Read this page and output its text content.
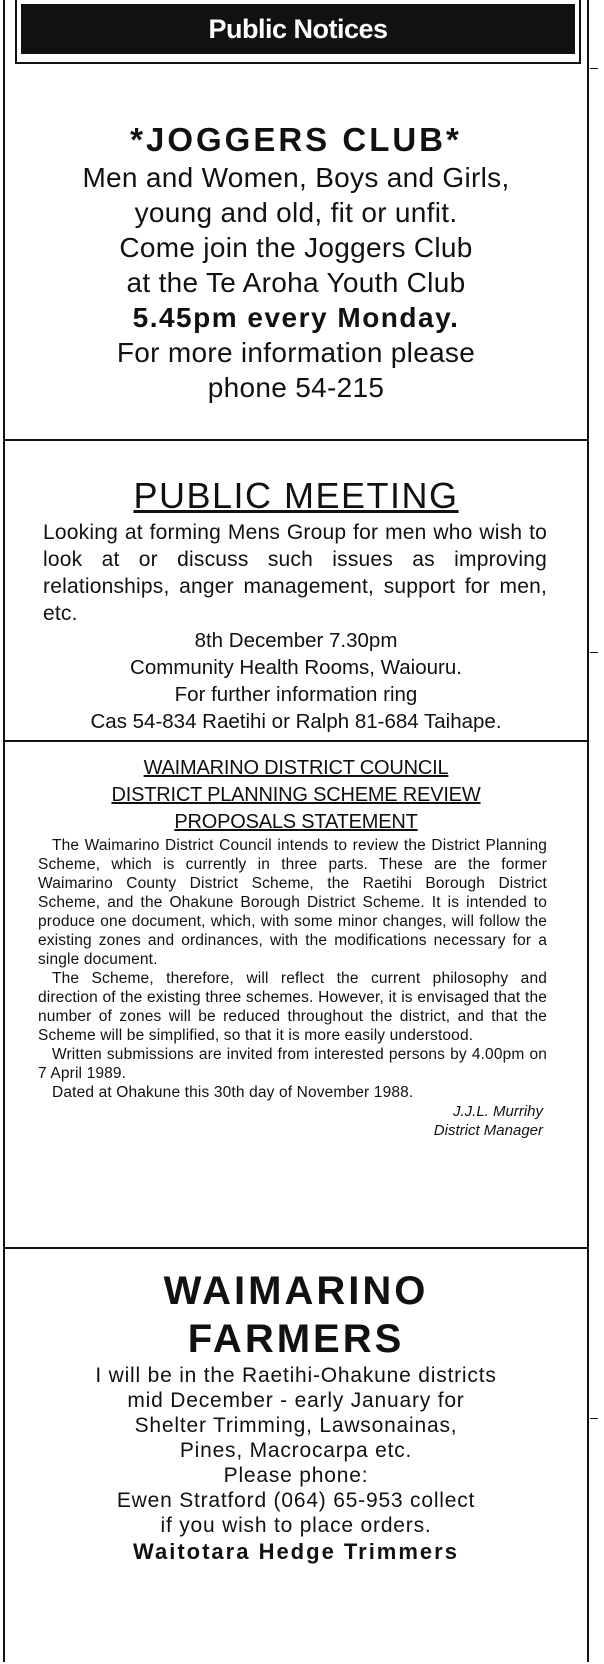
Public Notices
*JOGGERS CLUB*
Men and Women, Boys and Girls,
young and old, fit or unfit.
Come join the Joggers Club
at the Te Aroha Youth Club
5.45pm every Monday.
For more information please
phone 54-215
PUBLIC MEETING
Looking at forming Mens Group for men who wish to look at or discuss such issues as improving relationships, anger management, support for men, etc.
8th December 7.30pm
Community Health Rooms, Waiouru.
For further information ring
Cas 54-834 Raetihi or Ralph 81-684 Taihape.
WAIMARINO DISTRICT COUNCIL
DISTRICT PLANNING SCHEME REVIEW
PROPOSALS STATEMENT

The Waimarino District Council intends to review the District Planning Scheme, which is currently in three parts. These are the former Waimarino County District Scheme, the Raetihi Borough District Scheme, and the Ohakune Borough District Scheme. It is intended to produce one document, which, with some minor changes, will follow the existing zones and ordinances, with the modifications necessary for a single document.

The Scheme, therefore, will reflect the current philosophy and direction of the existing three schemes. However, it is envisaged that the number of zones will be reduced throughout the district, and that the Scheme will be simplified, so that it is more easily understood.

Written submissions are invited from interested persons by 4.00pm on 7 April 1989.

Dated at Ohakune this 30th day of November 1988.

J.J.L. Murrihy
District Manager
WAIMARINO
FARMERS
I will be in the Raetihi-Ohakune districts
mid December - early January for
Shelter Trimming, Lawsonainas,
Pines, Macrocarpa etc.
Please phone:
Ewen Stratford (064) 65-953 collect
if you wish to place orders.
Waitotara Hedge Trimmers
